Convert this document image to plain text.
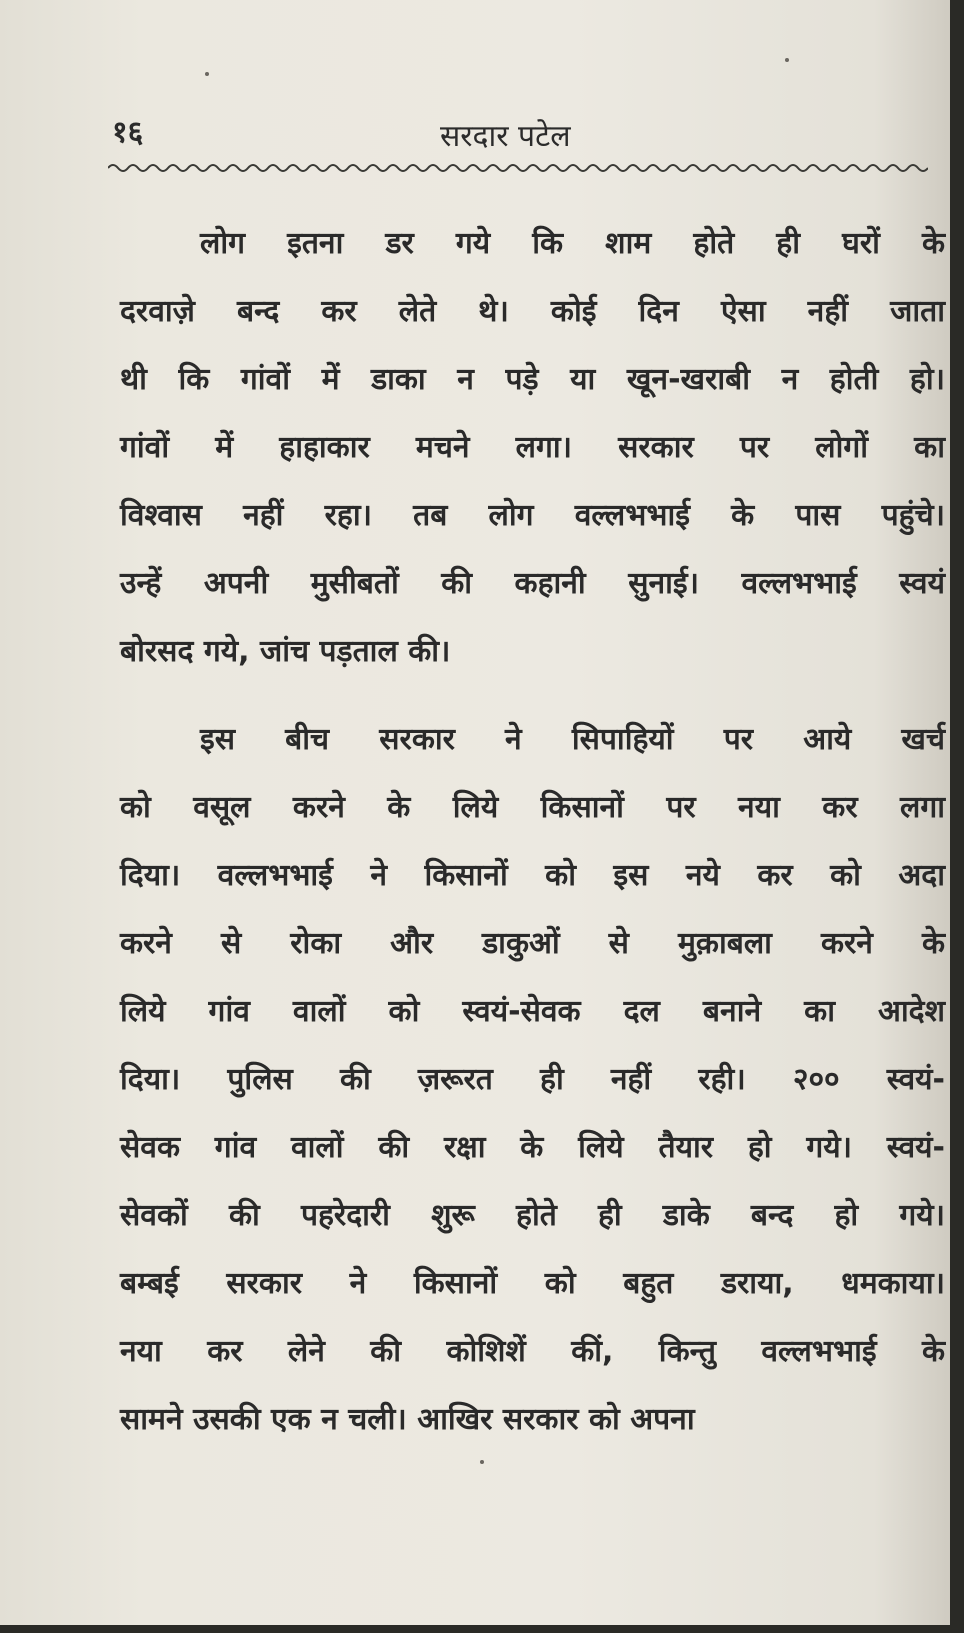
१६	सरदार पटेल

लोग इतना डर गये कि शाम होते ही घरों के
दरवाज़े बन्द कर लेते थे। कोई दिन ऐसा नहीं जाता
थी कि गांवों में डाका न पड़े या खून-खराबी न होती हो।
गांवों में हाहाकार मचने लगा। सरकार पर लोगों का
विश्वास नहीं रहा। तब लोग वल्लभभाई के पास पहुंचे।
उन्हें अपनी मुसीबतों की कहानी सुनाई। वल्लभभाई स्वयं
बोरसद गये, जांच पड़ताल की।

इस बीच सरकार ने सिपाहियों पर आये खर्च
को वसूल करने के लिये किसानों पर नया कर लगा
दिया। वल्लभभाई ने किसानों को इस नये कर को अदा
करने से रोका और डाकुओं से मुक़ाबला करने के
लिये गांव वालों को स्वयं-सेवक दल बनाने का आदेश
दिया। पुलिस की ज़रूरत ही नहीं रही। २०० स्वयं-
सेवक गांव वालों की रक्षा के लिये तैयार हो गये। स्वयं-
सेवकों की पहरेदारी शुरू होते ही डाके बन्द हो गये।
बम्बई सरकार ने किसानों को बहुत डराया, धमकाया।
नया कर लेने की कोशिशें कीं, किन्तु वल्लभभाई के
सामने उसकी एक न चली। आखिर सरकार को अपना
